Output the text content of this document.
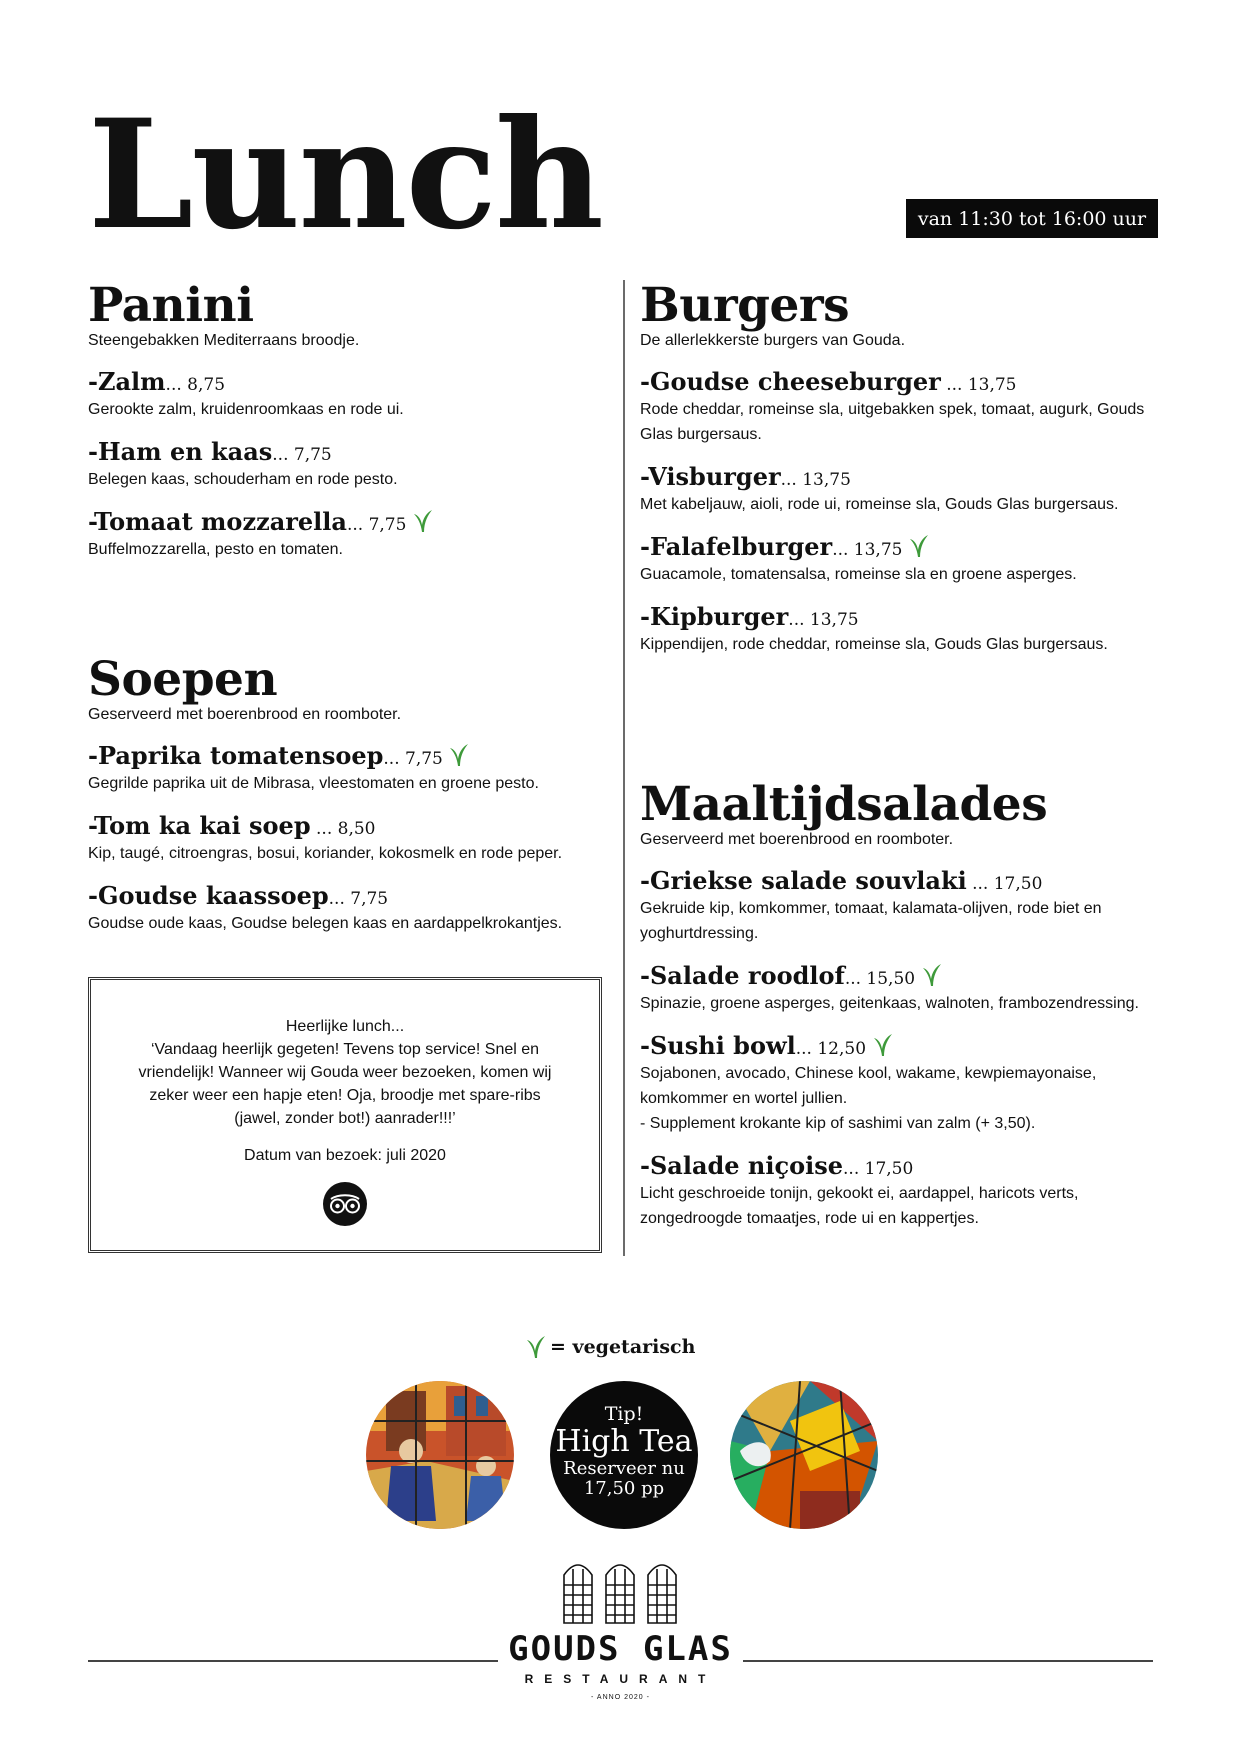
Lunch	van 11:30 tot 16:00 uur
Panini
Steengebakken Mediterraans broodje.
-Zalm... 8,75
Gerookte zalm, kruidenroomkaas en rode ui.
-Ham en kaas... 7,75
Belegen kaas, schouderham en rode pesto.
-Tomaat mozzarella... 7,75
Buffelmozzarella, pesto en tomaten.
Soepen
Geserveerd met boerenbrood en roomboter.
-Paprika tomatensoep... 7,75
Gegrilde paprika uit de Mibrasa, vleestomaten en groene pesto.
-Tom ka kai soep ... 8,50
Kip, taugé, citroengras, bosui, koriander, kokosmelk en rode peper.
-Goudse kaassoep... 7,75
Goudse oude kaas, Goudse belegen kaas en aardappelkrokantjes.
Heerlijke lunch...
‘Vandaag heerlijk gegeten! Tevens top service! Snel en vriendelijk! Wanneer wij Gouda weer bezoeken, komen wij zeker weer een hapje eten! Oja, broodje met spare-ribs (jawel, zonder bot!) aanrader!!!’
Datum van bezoek: juli 2020
Burgers
De allerlekkerste burgers van Gouda.
-Goudse cheeseburger ... 13,75
Rode cheddar, romeinse sla, uitgebakken spek, tomaat, augurk, Gouds Glas burgersaus.
-Visburger... 13,75
Met kabeljauw, aioli, rode ui, romeinse sla, Gouds Glas burgersaus.
-Falafelburger... 13,75
Guacamole, tomatensalsa, romeinse sla en groene asperges.
-Kipburger... 13,75
Kippendijen, rode cheddar, romeinse sla, Gouds Glas burgersaus.
Maaltijdsalades
Geserveerd met boerenbrood en roomboter.
-Griekse salade souvlaki ... 17,50
Gekruide kip, komkommer, tomaat, kalamata-olijven, rode biet en yoghurtdressing.
-Salade roodlof... 15,50
Spinazie, groene asperges, geitenkaas, walnoten, frambozendressing.
-Sushi bowl... 12,50
Sojabonen, avocado, Chinese kool, wakame, kewpiemayonaise, komkommer en wortel jullien.
- Supplement krokante kip of sashimi van zalm (+ 3,50).
-Salade niçoise... 17,50
Licht geschroeide tonijn, gekookt ei, aardappel, haricots verts, zongedroogde tomaatjes, rode ui en kappertjes.
= vegetarisch
Tip!
High Tea
Reserveer nu
17,50 pp
GOUDS GLAS
RESTAURANT
- ANNO 2020 -
